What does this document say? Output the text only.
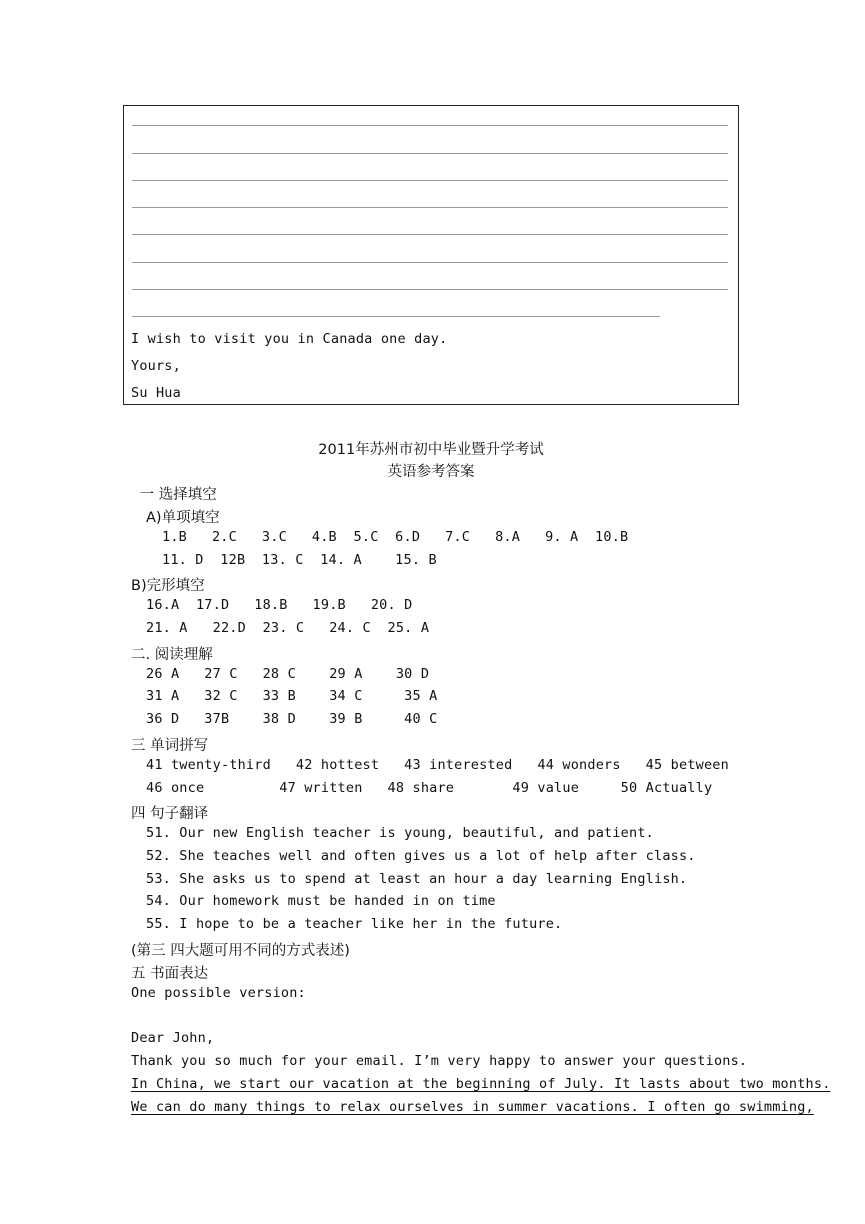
I wish to visit you in Canada one day.
Yours,
Su Hua
2011年苏州市初中毕业暨升学考试
英语参考答案
一 选择填空
A)单项填空
1.B   2.C   3.C   4.B  5.C  6.D   7.C   8.A   9. A  10.B
11. D  12B  13. C  14. A    15. B
B)完形填空
16.A  17.D   18.B   19.B   20. D
21. A   22.D  23. C   24. C  25. A
二. 阅读理解
26 A   27 C   28 C    29 A    30 D
31 A   32 C   33 B    34 C     35 A
36 D   37B    38 D    39 B     40 C
三 单词拼写
41 twenty-third   42 hottest   43 interested   44 wonders   45 between
46 once         47 written   48 share       49 value     50 Actually
四 句子翻译
51. Our new English teacher is young, beautiful, and patient.
52. She teaches well and often gives us a lot of help after class.
53. She asks us to spend at least an hour a day learning English.
54. Our homework must be handed in on time
55. I hope to be a teacher like her in the future.
(第三 四大题可用不同的方式表述)
五 书面表达
One possible version:
Dear John,
Thank you so much for your email. I’m very happy to answer your questions.
In China, we start our vacation at the beginning of July. It lasts about two months.
We can do many things to relax ourselves in summer vacations. I often go swimming,
